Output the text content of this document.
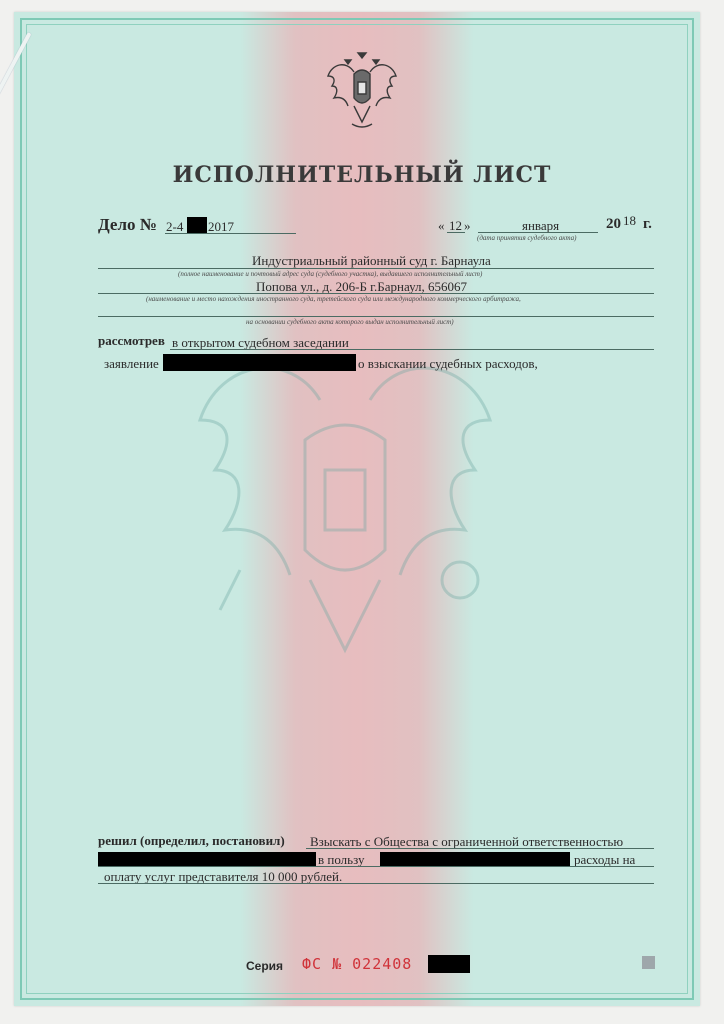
ИСПОЛНИТЕЛЬНЫЙ ЛИСТ
Дело № 2-4 2017	« 12 »	января	20 18 г.
(дата принятия судебного акта)
Индустриальный районный суд г. Барнаула
(полное наименование и почтовый адрес суда (судебного участка), выдавшего исполнительный лист)
Попова ул., д. 206-Б г.Барнаул, 656067
(наименование и место нахождения иностранного суда, третейского суда или международного коммерческого арбитража,
на основании судебного акта которого выдан исполнительный лист)
рассмотрев в открытом судебном заседании
заявление	о взыскании судебных расходов,
решил (определил, постановил) Взыскать с Общества с ограниченной ответственностью
в пользу	расходы на
оплату услуг представителя 10 000 рублей.
Серия ФС № 022408
